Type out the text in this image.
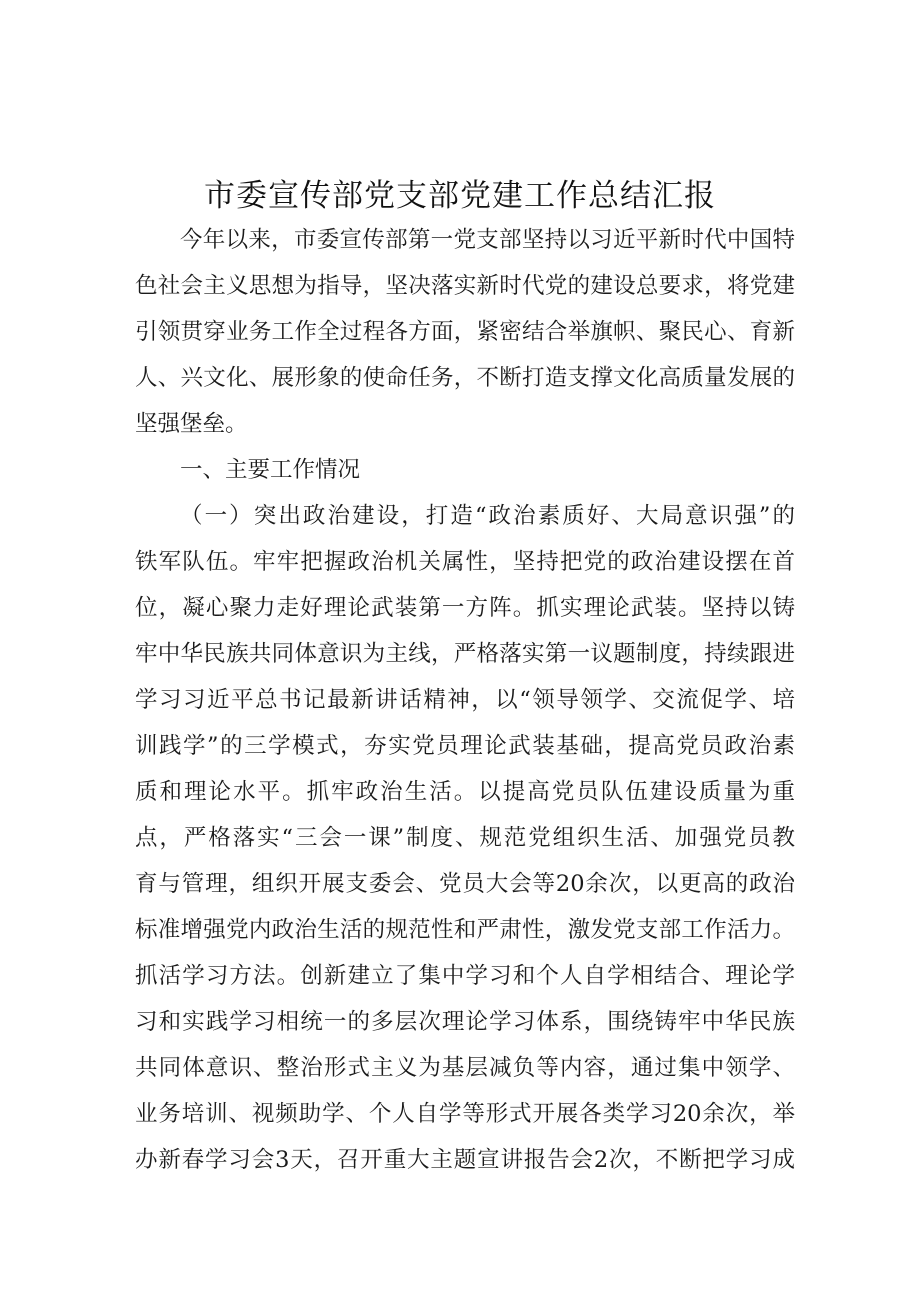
市委宣传部党支部党建工作总结汇报
今年以来，市委宣传部第一党支部坚持以习近平新时代中国特
色社会主义思想为指导，坚决落实新时代党的建设总要求，将党建
引领贯穿业务工作全过程各方面，紧密结合举旗帜、聚民心、育新
人、兴文化、展形象的使命任务，不断打造支撑文化高质量发展的
坚强堡垒。
一、主要工作情况
（一）突出政治建设，打造“政治素质好、大局意识强”的
铁军队伍。牢牢把握政治机关属性，坚持把党的政治建设摆在首
位，凝心聚力走好理论武装第一方阵。抓实理论武装。坚持以铸
牢中华民族共同体意识为主线，严格落实第一议题制度，持续跟进
学习习近平总书记最新讲话精神，以“领导领学、交流促学、培
训践学”的三学模式，夯实党员理论武装基础，提高党员政治素
质和理论水平。抓牢政治生活。以提高党员队伍建设质量为重
点，严格落实“三会一课”制度、规范党组织生活、加强党员教
育与管理，组织开展支委会、党员大会等20余次，以更高的政治
标准增强党内政治生活的规范性和严肃性，激发党支部工作活力。
抓活学习方法。创新建立了集中学习和个人自学相结合、理论学
习和实践学习相统一的多层次理论学习体系，围绕铸牢中华民族
共同体意识、整治形式主义为基层减负等内容，通过集中领学、
业务培训、视频助学、个人自学等形式开展各类学习20余次，举
办新春学习会3天，召开重大主题宣讲报告会2次，不断把学习成
